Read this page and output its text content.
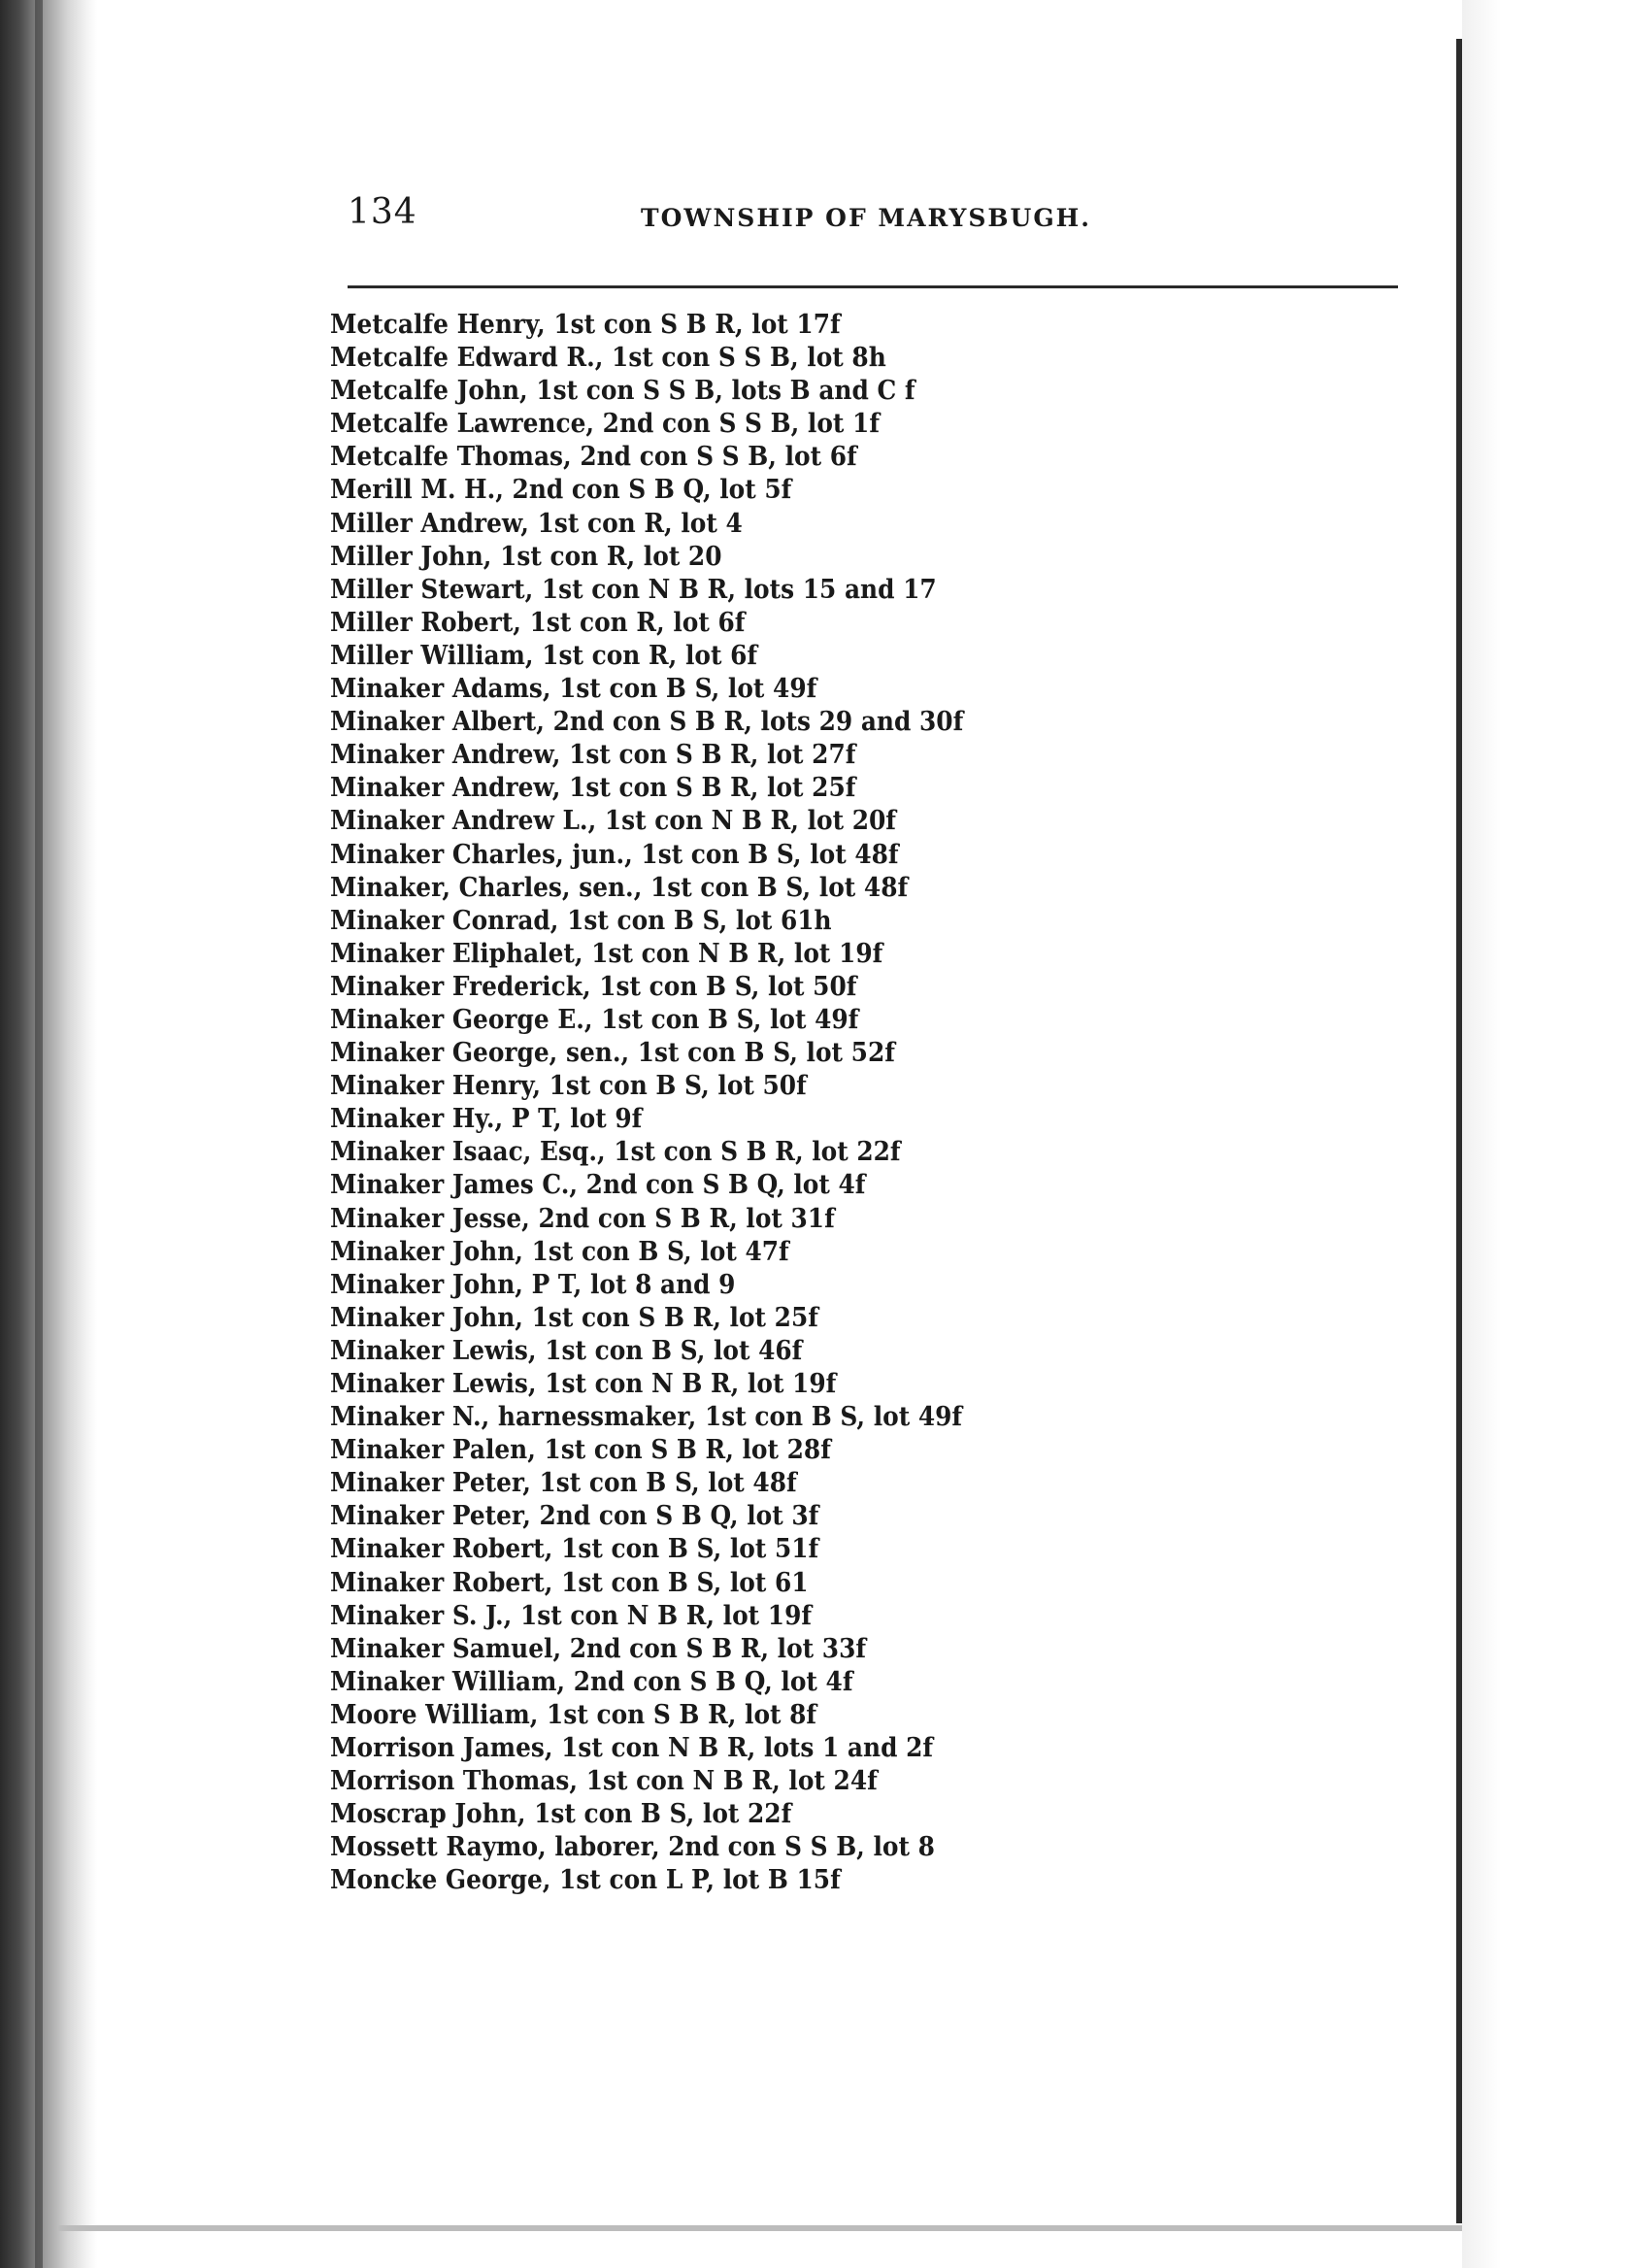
134	TOWNSHIP OF MARYSBUGH.
Metcalfe Henry, 1st con S B R, lot 17f
Metcalfe Edward R., 1st con S S B, lot 8h
Metcalfe John, 1st con S S B, lots B and C f
Metcalfe Lawrence, 2nd con S S B, lot 1f
Metcalfe Thomas, 2nd con S S B, lot 6f
Merill M. H., 2nd con S B Q, lot 5f
Miller Andrew, 1st con R, lot 4
Miller John, 1st con R, lot 20
Miller Stewart, 1st con N B R, lots 15 and 17
Miller Robert, 1st con R, lot 6f
Miller William, 1st con R, lot 6f
Minaker Adams, 1st con B S, lot 49f
Minaker Albert, 2nd con S B R, lots 29 and 30f
Minaker Andrew, 1st con S B R, lot 27f
Minaker Andrew, 1st con S B R, lot 25f
Minaker Andrew L., 1st con N B R, lot 20f
Minaker Charles, jun., 1st con B S, lot 48f
Minaker, Charles, sen., 1st con B S, lot 48f
Minaker Conrad, 1st con B S, lot 61h
Minaker Eliphalet, 1st con N B R, lot 19f
Minaker Frederick, 1st con B S, lot 50f
Minaker George E., 1st con B S, lot 49f
Minaker George, sen., 1st con B S, lot 52f
Minaker Henry, 1st con B S, lot 50f
Minaker Hy., P T, lot 9f
Minaker Isaac, Esq., 1st con S B R, lot 22f
Minaker James C., 2nd con S B Q, lot 4f
Minaker Jesse, 2nd con S B R, lot 31f
Minaker John, 1st con B S, lot 47f
Minaker John, P T, lot 8 and 9
Minaker John, 1st con S B R, lot 25f
Minaker Lewis, 1st con B S, lot 46f
Minaker Lewis, 1st con N B R, lot 19f
Minaker N., harnessmaker, 1st con B S, lot 49f
Minaker Palen, 1st con S B R, lot 28f
Minaker Peter, 1st con B S, lot 48f
Minaker Peter, 2nd con S B Q, lot 3f
Minaker Robert, 1st con B S, lot 51f
Minaker Robert, 1st con B S, lot 61
Minaker S. J., 1st con N B R, lot 19f
Minaker Samuel, 2nd con S B R, lot 33f
Minaker William, 2nd con S B Q, lot 4f
Moore William, 1st con S B R, lot 8f
Morrison James, 1st con N B R, lots 1 and 2f
Morrison Thomas, 1st con N B R, lot 24f
Moscrap John, 1st con B S, lot 22f
Mossett Raymo, laborer, 2nd con S S B, lot 8
Moncke George, 1st con L P, lot B 15f
